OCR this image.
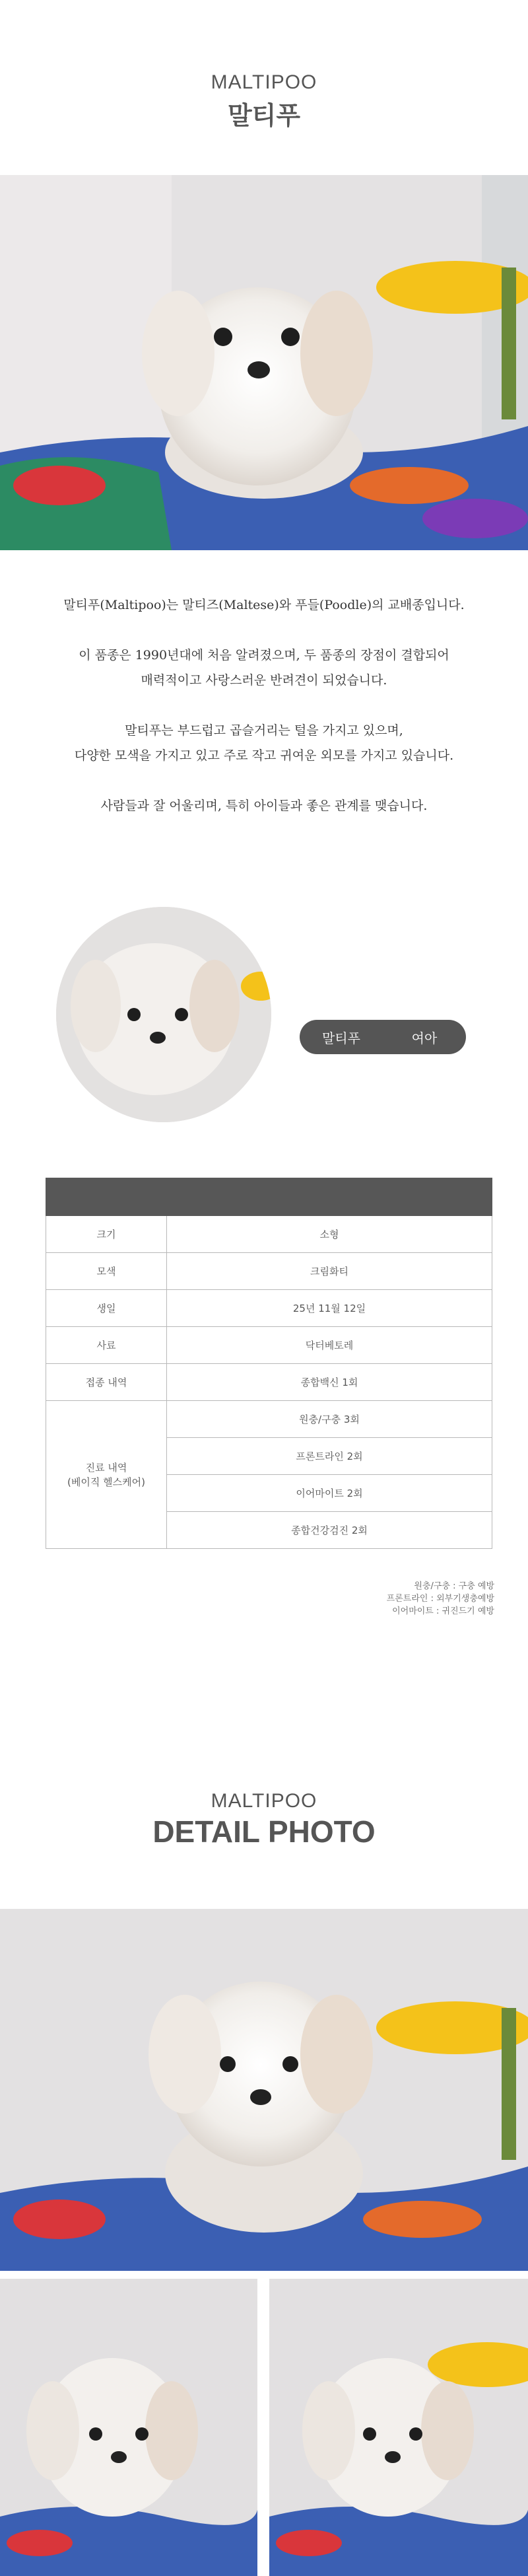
MALTIPOO
말티푸

말티푸(Maltipoo)는 말티즈(Maltese)와 푸들(Poodle)의 교배종입니다.

이 품종은 1990년대에 처음 알려졌으며, 두 품종의 장점이 결합되어

매력적이고 사랑스러운 반려견이 되었습니다.

말티푸는 부드럽고 곱슬거리는 털을 가지고 있으며,

다양한 모색을 가지고 있고 주로 작고 귀여운 외모를 가지고 있습니다.

사람들과 잘 어울리며, 특히 아이들과 좋은 관계를 맺습니다.

말티푸	여아

크기	소형
모색	크림화티
생일	25년 11월 12일
사료	닥터베토레
접종 내역	종합백신 1회

진료 내역
(베이직 헬스케어)	원충/구충 3회
	프론트라인 2회
	이어마이트 2회
	종합건강검진 2회
원충/구충 : 구충 예방
프론트라인 : 외부기생충예방
이어마이트 : 귀진드기 예방
MALTIPOO
DETAIL PHOTO
